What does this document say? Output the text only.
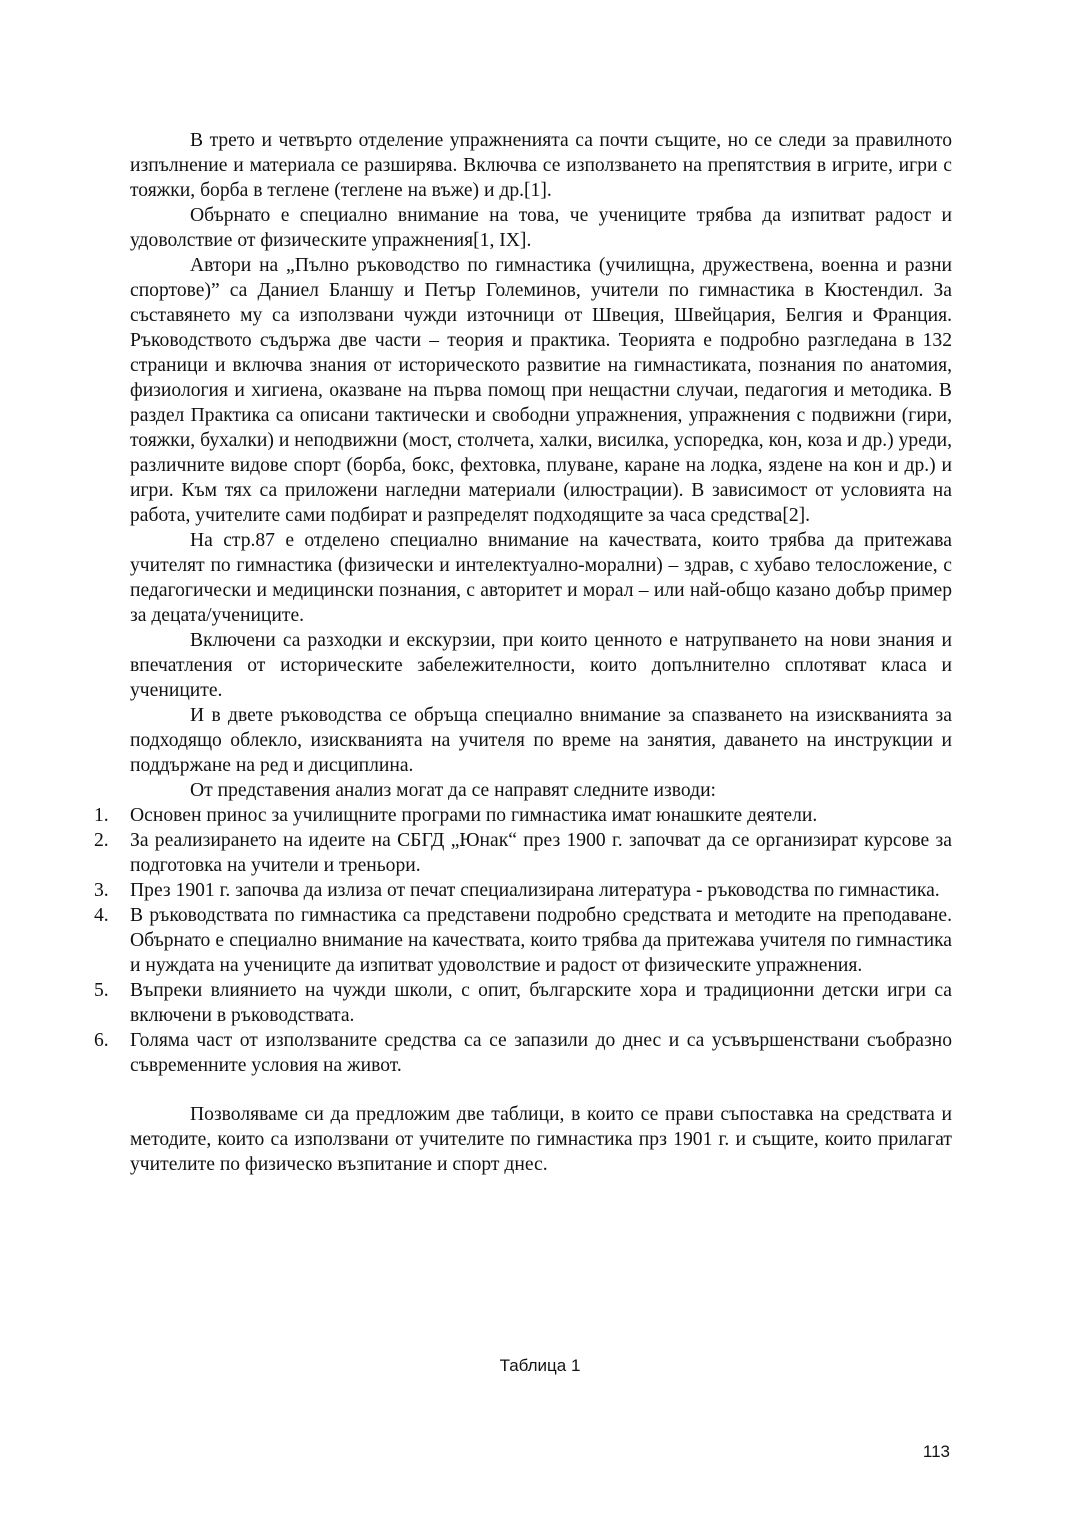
В трето и четвърто отделение упражненията са почти същите, но се следи за правилното изпълнение и материала се разширява. Включва се използването на препятствия в игрите, игри с тояжки, борба в теглене (теглене на въже) и др.[1].

Обърнато е специално внимание на това, че учениците трябва да изпитват радост и удоволствие от физическите упражнения[1, IX].

Автори на „Пълно ръководство по гимнастика (училищна, дружествена, военна и разни спортове)” са Даниел Бланшу и Петър Големинов, учители по гимнастика в Кюстендил. За съставянето му са използвани чужди източници от Швеция, Швейцария, Белгия и Франция. Ръководството съдържа две части – теория и практика. Теорията е подробно разгледана в 132 страници и включва знания от историческото развитие на гимнастиката, познания по анатомия, физиология и хигиена, оказване на първа помощ при нещастни случаи, педагогия и методика. В раздел Практика са описани тактически и свободни упражнения, упражнения с подвижни (гири, тояжки, бухалки) и неподвижни (мост, столчета, халки, висилка, успоредка, кон, коза и др.) уреди, различните видове спорт (борба, бокс, фехтовка, плуване, каране на лодка, яздене на кон и др.) и игри. Към тях са приложени нагледни материали (илюстрации). В зависимост от условията на работа, учителите сами подбират и разпределят подходящите за часа средства[2].

На стр.87 е отделено специално внимание на качествата, които трябва да притежава учителят по гимнастика (физически и интелектуално-морални) – здрав, с хубаво телосложение, с педагогически и медицински познания, с авторитет и морал – или най-общо казано добър пример за децата/учениците.

Включени са разходки и екскурзии, при които ценното е натрупването на нови знания и впечатления от историческите забележителности, които допълнително сплотяват класа и учениците.

И в двете ръководства се обръща специално внимание за спазването на изискванията за подходящо облекло, изискванията на учителя по време на занятия, даването на инструкции и поддържане на ред и дисциплина.

От представения анализ могат да се направят следните изводи:

1.	Основен принос за училищните програми по гимнастика имат юнашките деятели.
2.	За реализирането на идеите на СБГД „Юнак“ през 1900 г. започват да се организират курсове за подготовка на учители и треньори.
3.	През 1901 г. започва да излиза от печат специализирана литература - ръководства по гимнастика.
4.	В ръководствата по гимнастика са представени подробно средствата и методите на преподаване. Обърнато е специално внимание на качествата, които трябва да притежава учителя по гимнастика и нуждата на учениците да изпитват удоволствие и радост от физическите упражнения.
5.	Въпреки влиянието на чужди школи, с опит, българските хора и традиционни детски игри са включени в ръководствата.
6.	Голяма част от използваните средства са се запазили до днес и са усъвършенствани съобразно съвременните условия на живот.

Позволяваме си да предложим две таблици, в които се прави съпоставка на средствата и методите, които са използвани от учителите по гимнастика прз 1901 г. и същите, които прилагат учителите по физическо възпитание и спорт днес.

Таблица 1
113
